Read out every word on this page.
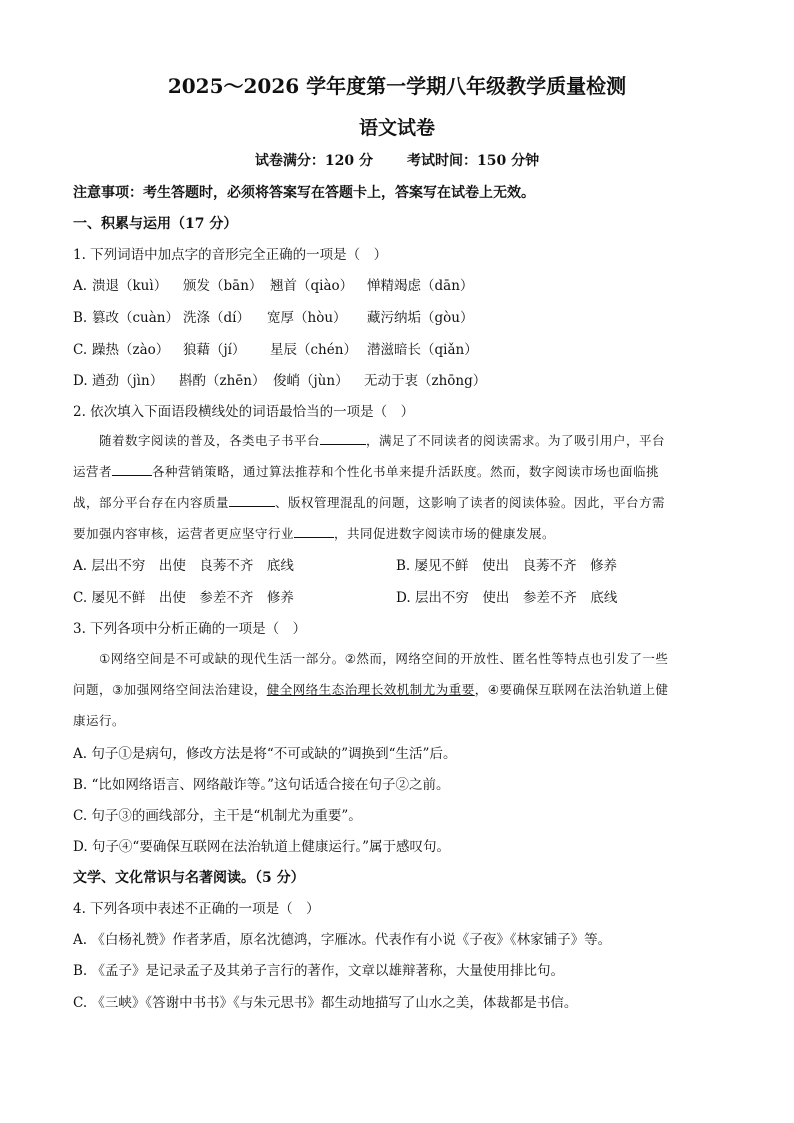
2025～2026 学年度第一学期八年级教学质量检测
语文试卷
试卷满分：120 分 考试时间：150 分钟
注意事项：考生答题时，必须将答案写在答题卡上，答案写在试卷上无效。
一、积累与运用（17 分）
1. 下列词语中加点字的音形完全正确的一项是（　）
A. 溃退（kuì） 颁发（bān） 翘首（qiào） 惮精竭虑（dān）
B. 篡改（cuàn） 洗涤（dí） 宽厚（hòu） 藏污纳垢（gòu）
C. 躁热（zào） 狼藉（jí） 星辰（chén） 潜滋暗长（qiǎn）
D. 遒劲（jìn） 斟酌（zhēn） 俊峭（jùn） 无动于衷（zhōng）
2. 依次填入下面语段横线处的词语最恰当的一项是（　）

随着数字阅读的普及，各类电子书平台	，满足了不同读者的阅读需求。为了吸引用户，平台

运营者	各种营销策略，通过算法推荐和个性化书单来提升活跃度。然而，数字阅读市场也面临挑

战，部分平台存在内容质量	、版权管理混乱的问题，这影响了读者的阅读体验。因此，平台方需

要加强内容审核，运营者更应坚守行业	，共同促进数字阅读市场的健康发展。

A. 层出不穷　出使　良莠不齐　底线	B. 屡见不鲜　使出　良莠不齐　修养
C. 屡见不鲜　出使　参差不齐　修养	D. 层出不穷　使出　参差不齐　底线
3. 下列各项中分析正确的一项是（　）

①网络空间是不可或缺的现代生活一部分。②然而，网络空间的开放性、匿名性等特点也引发了一些

问题，③加强网络空间法治建设，健全网络生态治理长效机制尤为重要，④要确保互联网在法治轨道上健

康运行。

A. 句子①是病句，修改方法是将“不可或缺的”调换到“生活”后。
B. “比如网络语言、网络敲诈等。”这句话适合接在句子②之前。
C. 句子③的画线部分，主干是“机制尤为重要”。
D. 句子④“要确保互联网在法治轨道上健康运行。”属于感叹句。
文学、文化常识与名著阅读。（5 分）
4. 下列各项中表述不正确的一项是（　）
A. 《白杨礼赞》作者茅盾，原名沈德鸿，字雁冰。代表作有小说《子夜》《林家铺子》等。
B. 《孟子》是记录孟子及其弟子言行的著作，文章以雄辩著称，大量使用排比句。
C. 《三峡》《答谢中书书》《与朱元思书》都生动地描写了山水之美，体裁都是书信。
